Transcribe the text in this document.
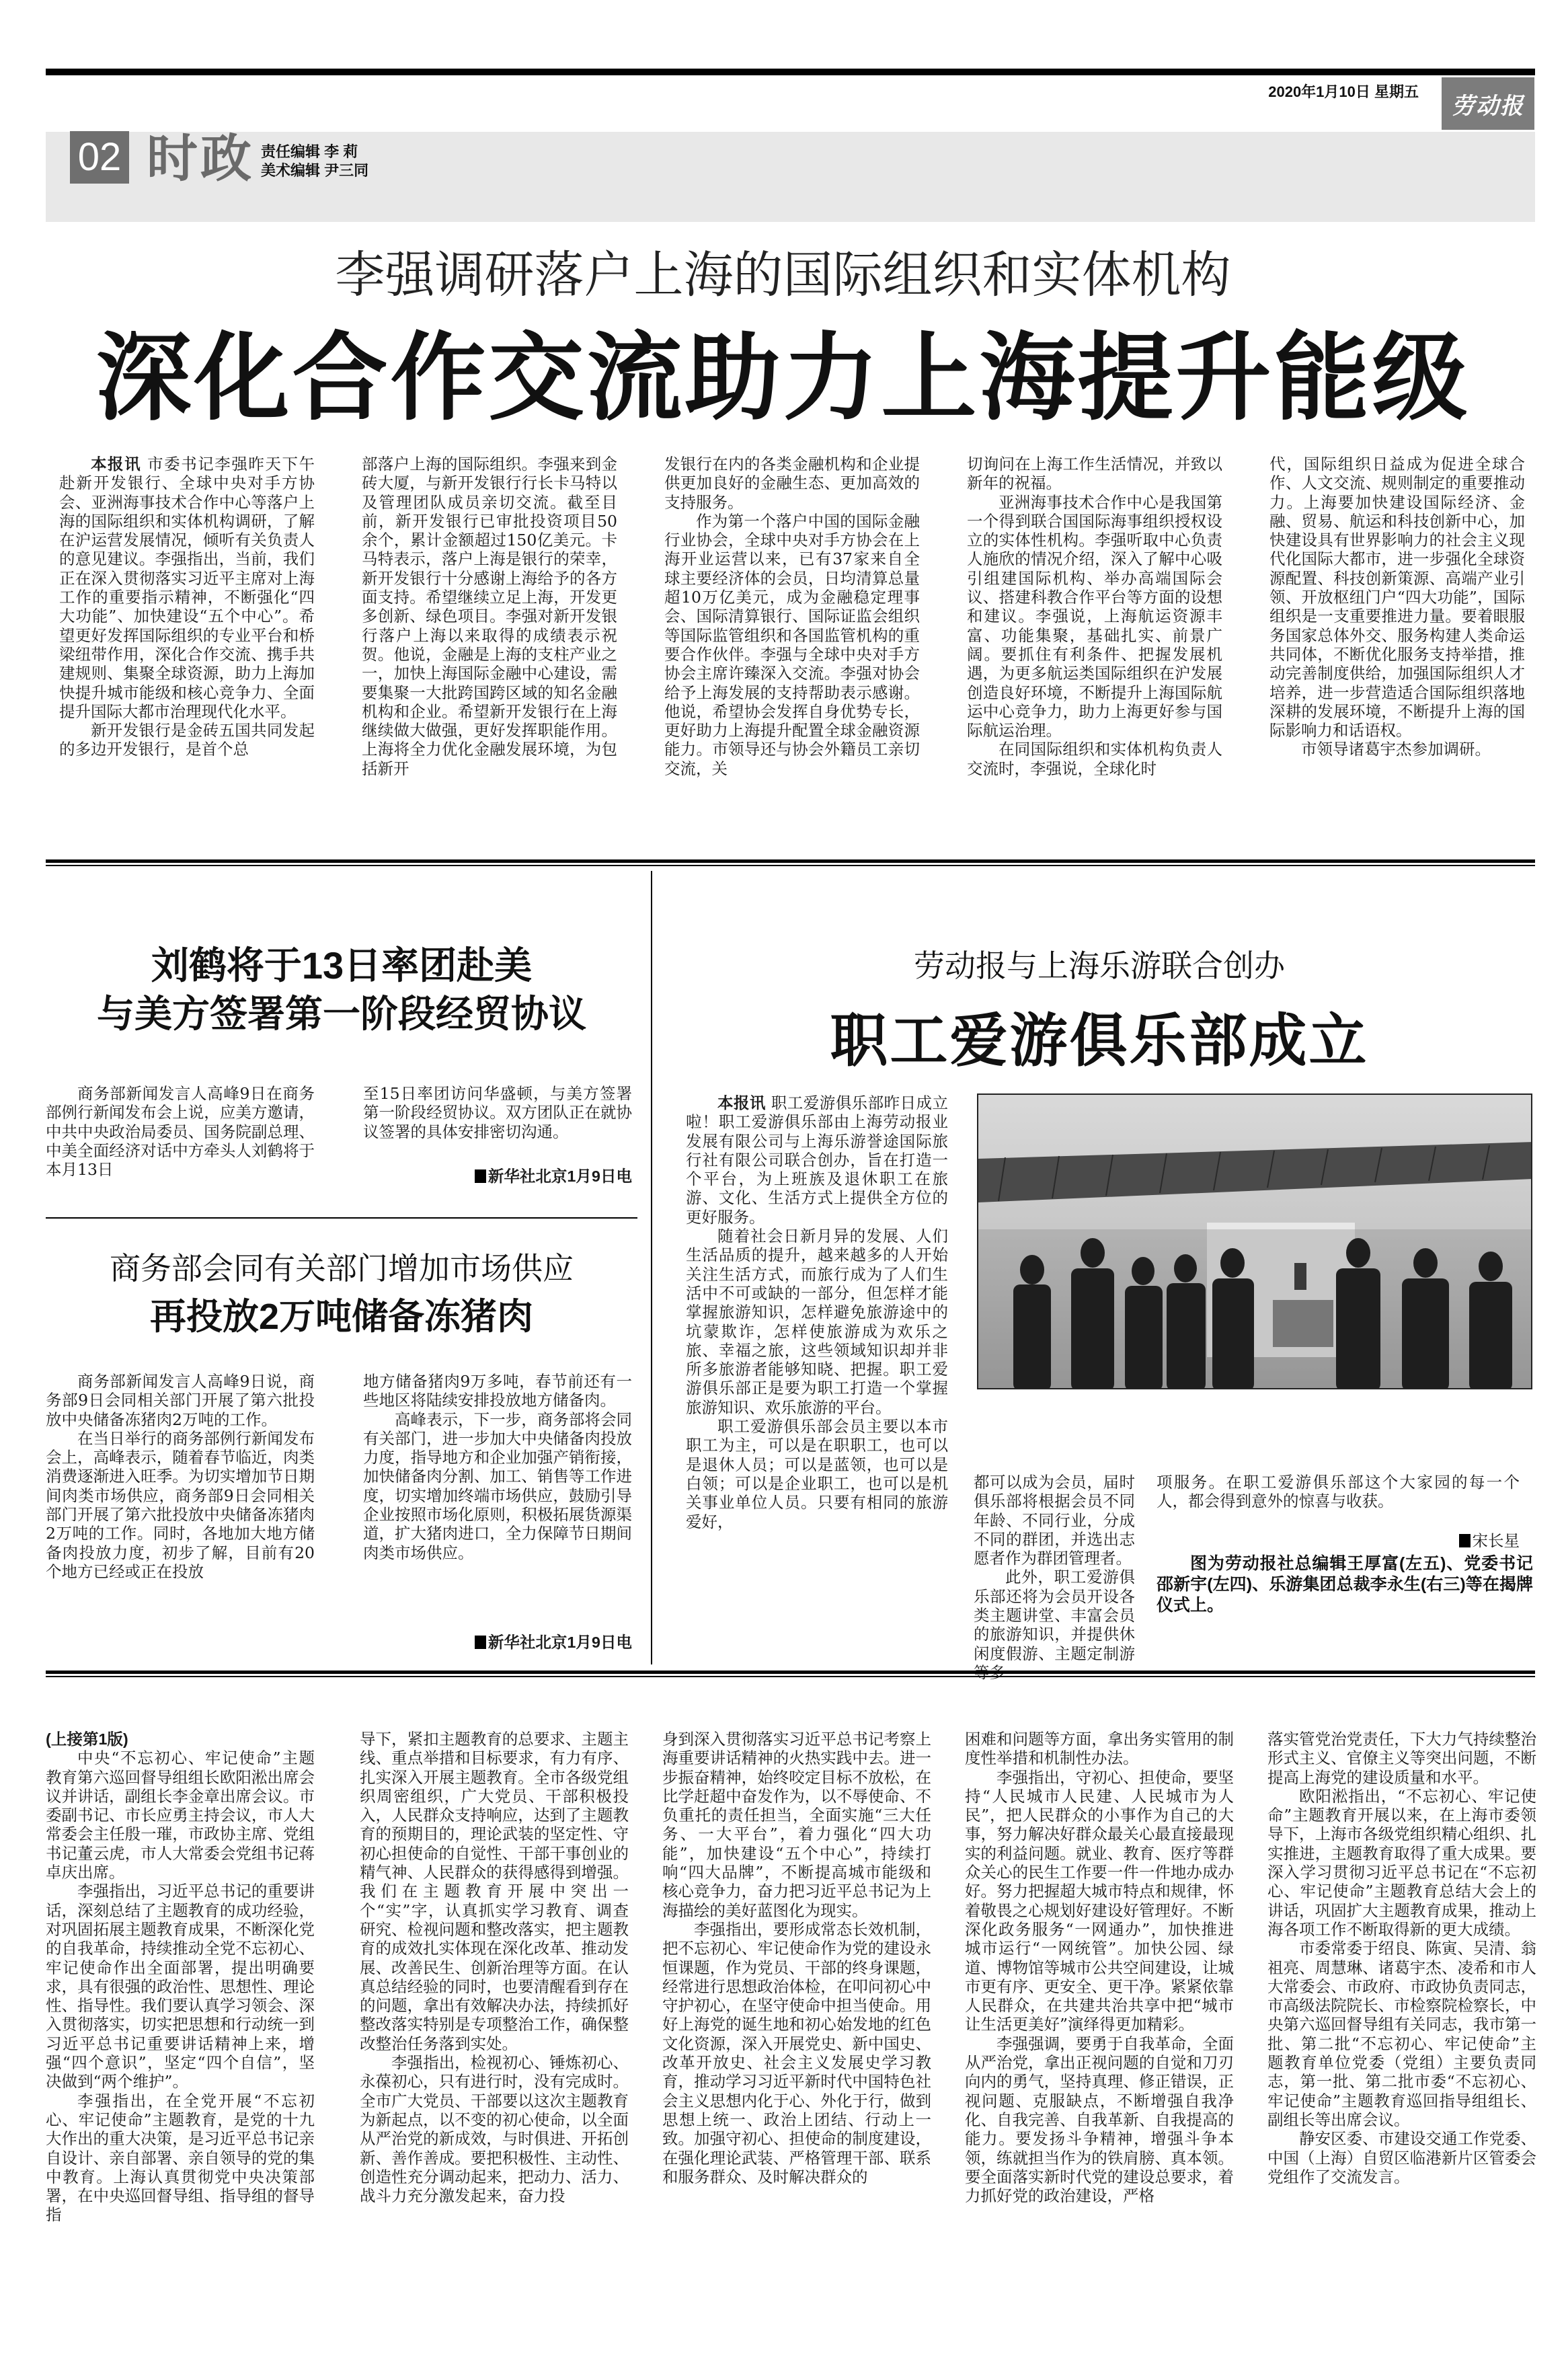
2020年1月10日 星期五
劳动报
02 时政 责任编辑 李 莉
美术编辑 尹三同
李强调研落户上海的国际组织和实体机构
深化合作交流助力上海提升能级

本报讯 市委书记李强昨天下午赴新开发银行、全球中央对手方协会、亚洲海事技术合作中心等落户上海的国际组织和实体机构调研，了解在沪运营发展情况，倾听有关负责人的意见建议。李强指出，当前，我们正在深入贯彻落实习近平主席对上海工作的重要指示精神，不断强化“四大功能”、加快建设“五个中心”。希望更好发挥国际组织的专业平台和桥梁纽带作用，深化合作交流、携手共建规则、集聚全球资源，助力上海加快提升城市能级和核心竞争力、全面提升国际大都市治理现代化水平。

新开发银行是金砖五国共同发起的多边开发银行，是首个总

部落户上海的国际组织。李强来到金砖大厦，与新开发银行行长卡马特以及管理团队成员亲切交流。截至目前，新开发银行已审批投资项目50余个，累计金额超过150亿美元。卡马特表示，落户上海是银行的荣幸，新开发银行十分感谢上海给予的各方面支持。希望继续立足上海，开发更多创新、绿色项目。李强对新开发银行落户上海以来取得的成绩表示祝贺。他说，金融是上海的支柱产业之一，加快上海国际金融中心建设，需要集聚一大批跨国跨区域的知名金融机构和企业。希望新开发银行在上海继续做大做强，更好发挥职能作用。上海将全力优化金融发展环境，为包括新开

发银行在内的各类金融机构和企业提供更加良好的金融生态、更加高效的支持服务。

作为第一个落户中国的国际金融行业协会，全球中央对手方协会在上海开业运营以来，已有37家来自全球主要经济体的会员，日均清算总量超10万亿美元，成为金融稳定理事会、国际清算银行、国际证监会组织等国际监管组织和各国监管机构的重要合作伙伴。李强与全球中央对手方协会主席许臻深入交流。李强对协会给予上海发展的支持帮助表示感谢。他说，希望协会发挥自身优势专长，更好助力上海提升配置全球金融资源能力。市领导还与协会外籍员工亲切交流，关

切询问在上海工作生活情况，并致以新年的祝福。

亚洲海事技术合作中心是我国第一个得到联合国国际海事组织授权设立的实体性机构。李强听取中心负责人施欣的情况介绍，深入了解中心吸引组建国际机构、举办高端国际会议、搭建科教合作平台等方面的设想和建议。李强说，上海航运资源丰富、功能集聚，基础扎实、前景广阔。要抓住有利条件、把握发展机遇，为更多航运类国际组织在沪发展创造良好环境，不断提升上海国际航运中心竞争力，助力上海更好参与国际航运治理。

在同国际组织和实体机构负责人交流时，李强说，全球化时

代，国际组织日益成为促进全球合作、人文交流、规则制定的重要推动力。上海要加快建设国际经济、金融、贸易、航运和科技创新中心，加快建设具有世界影响力的社会主义现代化国际大都市，进一步强化全球资源配置、科技创新策源、高端产业引领、开放枢纽门户“四大功能”，国际组织是一支重要推进力量。要着眼服务国家总体外交、服务构建人类命运共同体，不断优化服务支持举措，推动完善制度供给，加强国际组织人才培养，进一步营造适合国际组织落地深耕的发展环境，不断提升上海的国际影响力和话语权。

市领导诸葛宇杰参加调研。

刘鹤将于13日率团赴美
与美方签署第一阶段经贸协议

商务部新闻发言人高峰9日在商务部例行新闻发布会上说，应美方邀请，中共中央政治局委员、国务院副总理、中美全面经济对话中方牵头人刘鹤将于本月13日

至15日率团访问华盛顿，与美方签署第一阶段经贸协议。双方团队正在就协议签署的具体安排密切沟通。

新华社北京1月9日电
商务部会同有关部门增加市场供应
再投放2万吨储备冻猪肉

商务部新闻发言人高峰9日说，商务部9日会同相关部门开展了第六批投放中央储备冻猪肉2万吨的工作。

在当日举行的商务部例行新闻发布会上，高峰表示，随着春节临近，肉类消费逐渐进入旺季。为切实增加节日期间肉类市场供应，商务部9日会同相关部门开展了第六批投放中央储备冻猪肉2万吨的工作。同时，各地加大地方储备肉投放力度，初步了解，目前有20个地方已经或正在投放

地方储备猪肉9万多吨，春节前还有一些地区将陆续安排投放地方储备肉。

高峰表示，下一步，商务部将会同有关部门，进一步加大中央储备肉投放力度，指导地方和企业加强产销衔接，加快储备肉分割、加工、销售等工作进度，切实增加终端市场供应，鼓励引导企业按照市场化原则，积极拓展货源渠道，扩大猪肉进口，全力保障节日期间肉类市场供应。

新华社北京1月9日电
劳动报与上海乐游联合创办
职工爱游俱乐部成立

本报讯 职工爱游俱乐部昨日成立啦！职工爱游俱乐部由上海劳动报业发展有限公司与上海乐游誉途国际旅行社有限公司联合创办，旨在打造一个平台，为上班族及退休职工在旅游、文化、生活方式上提供全方位的更好服务。

随着社会日新月异的发展、人们生活品质的提升，越来越多的人开始关注生活方式，而旅行成为了人们生活中不可或缺的一部分，但怎样才能掌握旅游知识，怎样避免旅游途中的坑蒙欺诈，怎样使旅游成为欢乐之旅、幸福之旅，这些领域知识却并非所多旅游者能够知晓、把握。职工爱游俱乐部正是要为职工打造一个掌握旅游知识、欢乐旅游的平台。

职工爱游俱乐部会员主要以本市职工为主，可以是在职职工，也可以是退休人员；可以是蓝领，也可以是白领；可以是企业职工，也可以是机关事业单位人员。只要有相同的旅游爱好，

都可以成为会员，届时俱乐部将根据会员不同年龄、不同行业，分成不同的群团，并选出志愿者作为群团管理者。

此外，职工爱游俱乐部还将为会员开设各类主题讲堂、丰富会员的旅游知识，并提供休闲度假游、主题定制游

项服务。在职工爱游俱乐部这个大家园的每一个人，都会得到意外的惊喜与收获。

图为劳动报社总编辑王厚富(左五)、党委书记邵新宇(左四)、乐游集团总裁李永生(右三)等在揭牌仪式上。
宋长星

(上接第1版)

中央“不忘初心、牢记使命”主题教育第六巡回督导组组长欧阳淞出席会议并讲话，副组长李金章出席会议。市委副书记、市长应勇主持会议，市人大常委会主任殷一璀，市政协主席、党组书记董云虎，市人大常委会党组书记蒋卓庆出席。

李强指出，习近平总书记的重要讲话，深刻总结了主题教育的成功经验，对巩固拓展主题教育成果，不断深化党的自我革命，持续推动全党不忘初心、牢记使命作出全面部署，提出明确要求，具有很强的政治性、思想性、理论性、指导性。我们要认真学习领会、深入贯彻落实，切实把思想和行动统一到习近平总书记重要讲话精神上来，增强“四个意识”，坚定“四个自信”，坚决做到“两个维护”。

李强指出，在全党开展“不忘初心、牢记使命”主题教育，是党的十九大作出的重大决策，是习近平总书记亲自设计、亲自部署、亲自领导的党的集中教育。上海认真贯彻党中央决策部署，在中央巡回督导组、指导组的督导指

导下，紧扣主题教育的总要求、主题主线、重点举措和目标要求，有力有序、扎实深入开展主题教育。全市各级党组织周密组织，广大党员、干部积极投入，人民群众支持响应，达到了主题教育的预期目的，理论武装的坚定性、守初心担使命的自觉性、干部干事创业的精气神、人民群众的获得感得到增强。我们在主题教育开展中突出一个“实”字，认真抓实学习教育、调查研究、检视问题和整改落实，把主题教育的成效扎实体现在深化改革、推动发展、改善民生、创新治理等方面。在认真总结经验的同时，也要清醒看到存在的问题，拿出有效解决办法，持续抓好整改落实特别是专项整治工作，确保整改整治任务落到实处。

李强指出，检视初心、锤炼初心、永葆初心，只有进行时，没有完成时。全市广大党员、干部要以这次主题教育为新起点，以不变的初心使命，以全面从严治党的新成效，与时俱进、开拓创新、善作善成。要把积极性、主动性、创造性充分调动起来，把动力、活力、战斗力充分激发起来，奋力投

身到深入贯彻落实习近平总书记考察上海重要讲话精神的火热实践中去。进一步振奋精神，始终咬定目标不放松，在比学赶超中奋发作为，以不辱使命、不负重托的责任担当，全面实施“三大任务、一大平台”，着力强化“四大功能”，加快建设“五个中心”，持续打响“四大品牌”，不断提高城市能级和核心竞争力，奋力把习近平总书记为上海描绘的美好蓝图化为现实。

李强指出，要形成常态长效机制，把不忘初心、牢记使命作为党的建设永恒课题，作为党员、干部的终身课题，经常进行思想政治体检，在叩问初心中守护初心，在坚守使命中担当使命。用好上海党的诞生地和初心始发地的红色文化资源，深入开展党史、新中国史、改革开放史、社会主义发展史学习教育，推动学习习近平新时代中国特色社会主义思想内化于心、外化于行，做到思想上统一、政治上团结、行动上一致。加强守初心、担使命的制度建设，在强化理论武装、严格管理干部、联系和服务群众、及时解决群众的

困难和问题等方面，拿出务实管用的制度性举措和机制性办法。

李强指出，守初心、担使命，要坚持“人民城市人民建、人民城市为人民”，把人民群众的小事作为自己的大事，努力解决好群众最关心最直接最现实的利益问题。就业、教育、医疗等群众关心的民生工作要一件一件地办成办好。努力把握超大城市特点和规律，怀着敬畏之心规划好建设好管理好。不断深化政务服务“一网通办”，加快推进城市运行“一网统管”。加快公园、绿道、博物馆等城市公共空间建设，让城市更有序、更安全、更干净。紧紧依靠人民群众，在共建共治共享中把“城市让生活更美好”演绎得更加精彩。

李强强调，要勇于自我革命，全面从严治党，拿出正视问题的自觉和刀刃向内的勇气，坚持真理、修正错误，正视问题、克服缺点，不断增强自我净化、自我完善、自我革新、自我提高的能力。要发扬斗争精神，增强斗争本领，练就担当作为的铁肩膀、真本领。要全面落实新时代党的建设总要求，着力抓好党的政治建设，严格

落实管党治党责任，下大力气持续整治形式主义、官僚主义等突出问题，不断提高上海党的建设质量和水平。

欧阳淞指出，“不忘初心、牢记使命”主题教育开展以来，在上海市委领导下，上海市各级党组织精心组织、扎实推进，主题教育取得了重大成果。要深入学习贯彻习近平总书记在“不忘初心、牢记使命”主题教育总结大会上的讲话，巩固扩大主题教育成果，推动上海各项工作不断取得新的更大成绩。

市委常委于绍良、陈寅、吴清、翁祖亮、周慧琳、诸葛宇杰、凌希和市人大常委会、市政府、市政协负责同志，市高级法院院长、市检察院检察长，中央第六巡回督导组有关同志，我市第一批、第二批“不忘初心、牢记使命”主题教育单位党委（党组）主要负责同志，第一批、第二批市委“不忘初心、牢记使命”主题教育巡回指导组组长、副组长等出席会议。

静安区委、市建设交通工作党委、中国（上海）自贸区临港新片区管委会党组作了交流发言。
